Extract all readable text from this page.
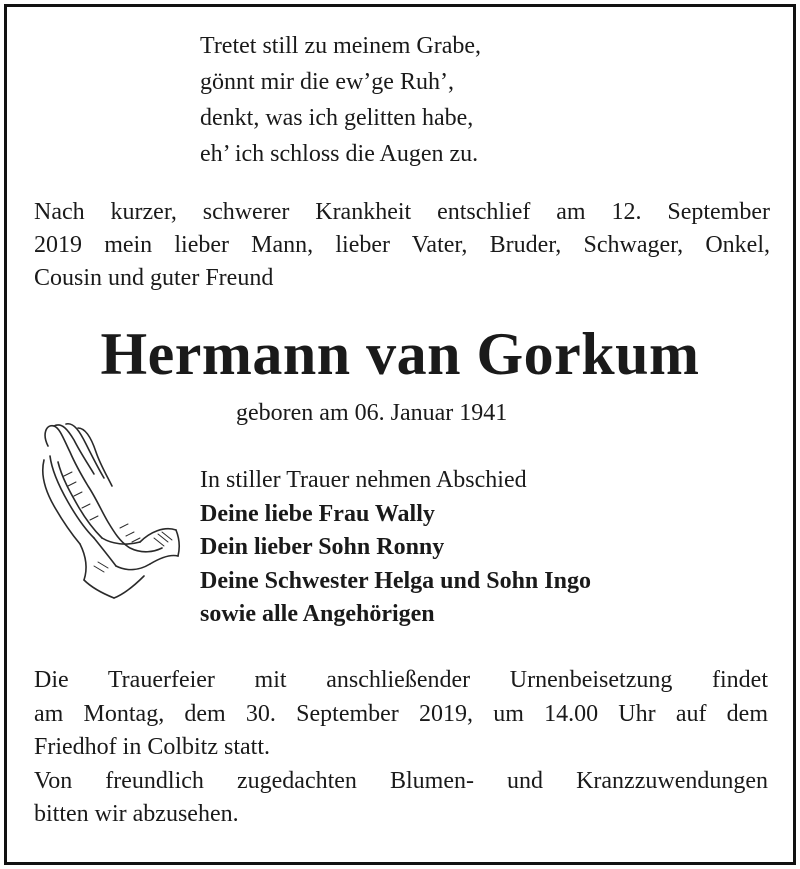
Tretet still zu meinem Grabe,
gönnt mir die ew’ge Ruh’,
denkt, was ich gelitten habe,
eh’ ich schloss die Augen zu.
Nach kurzer, schwerer Krankheit entschlief am 12. September
2019 mein lieber Mann, lieber Vater, Bruder, Schwager, Onkel,
Cousin und guter Freund
Hermann van Gorkum
geboren am 06. Januar 1941
In stiller Trauer nehmen Abschied
Deine liebe Frau Wally
Dein lieber Sohn Ronny
Deine Schwester Helga und Sohn Ingo
sowie alle Angehörigen
Die Trauerfeier mit anschließender Urnenbeisetzung findet
am Montag, dem 30. September 2019, um 14.00 Uhr auf dem
Friedhof in Colbitz statt.
Von freundlich zugedachten Blumen- und Kranzzuwendungen
bitten wir abzusehen.
